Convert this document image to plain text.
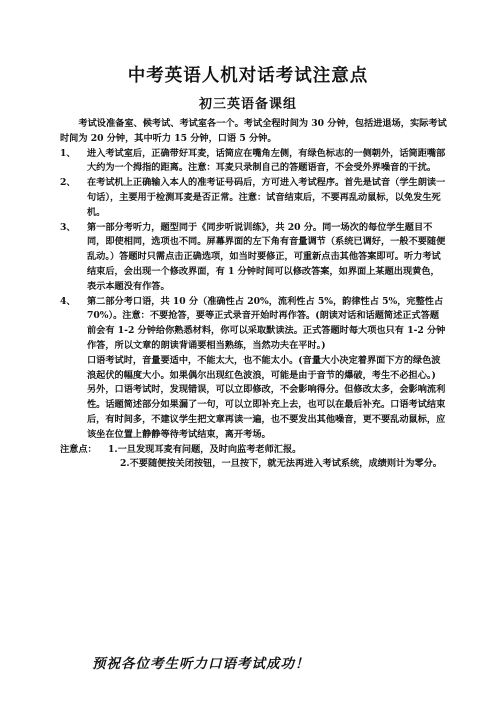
中考英语人机对话考试注意点
初三英语备课组

考试设准备室、候考试、考试室各一个。考试全程时间为 30 分钟，包括进退场，实际考试时间为 20 分钟，其中听力 15 分钟，口语 5 分钟。

1、 进入考试室后，正确带好耳麦，话筒应在嘴角左侧，有绿色标志的一侧朝外，话筒距嘴部大约为一个拇指的距离。注意：耳麦只录制自己的答题语音，不会受外界噪音的干扰。
2、 在考试机上正确输入本人的准考证号码后，方可进入考试程序。首先是试音（学生朗读一句话），主要用于检测耳麦是否正常。注意：试音结束后，不要再乱动鼠标，以免发生死机。
3、 第一部分考听力，题型同于《同步听说训练》，共 20 分。同一场次的每位学生题目不同，即使相同，选项也不同。屏幕界面的左下角有音量调节（系统已调好，一般不要随便乱动。）答题时只需点击正确选项，如当时要修正，可重新点击其他答案即可。听力考试结束后，会出现一个修改界面，有 1 分钟时间可以修改答案，如界面上某题出现黄色，表示本题没有作答。
4、 第二部分考口语，共 10 分（准确性占 20%，流利性占 5%，韵律性占 5%，完整性占 70%）。注意：不要抢答，要等正式录音开始时再作答。(朗读对话和话题简述正式答题前会有 1-2 分钟给你熟悉材料，你可以采取默读法。正式答题时每大项也只有 1-2 分钟作答，所以文章的朗读背诵要相当熟练，当然功夫在平时。)

口语考试时，音量要适中，不能太大，也不能太小。(音量大小决定着界面下方的绿色波浪起伏的幅度大小。如果偶尔出现红色波浪，可能是由于音节的爆破，考生不必担心。)

另外，口语考试时，发现错误，可以立即修改，不会影响得分。但修改太多，会影响流利性。话题简述部分如果漏了一句，可以立即补充上去，也可以在最后补充。口语考试结束后，有时间多，不建议学生把文章再读一遍，也不要发出其他噪音，更不要乱动鼠标，应该坐在位置上静静等待考试结束，离开考场。

注意点： 1.一旦发现耳麦有问题，及时向监考老师汇报。

2.不要随便按关闭按钮，一旦按下，就无法再进入考试系统，成绩则计为零分。

预祝各位考生听力口语考试成功！
